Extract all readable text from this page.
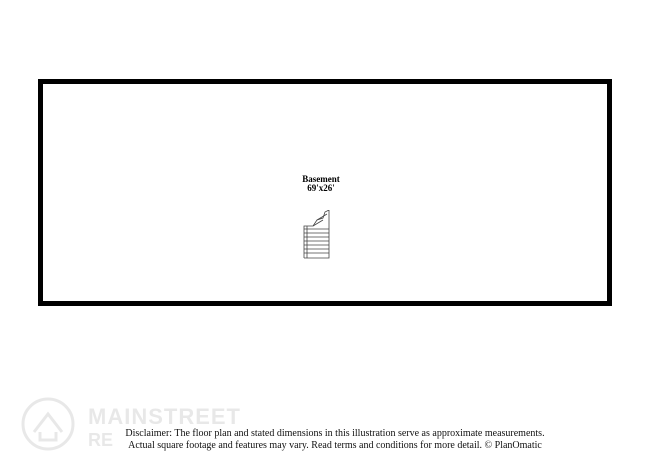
Basement
69'x26'
MAINSTREET
RE	Disclaimer: The floor plan and stated dimensions in this illustration serve as approximate measurements.
Actual square footage and features may vary. Read terms and conditions for more detail. © PlanOmatic
